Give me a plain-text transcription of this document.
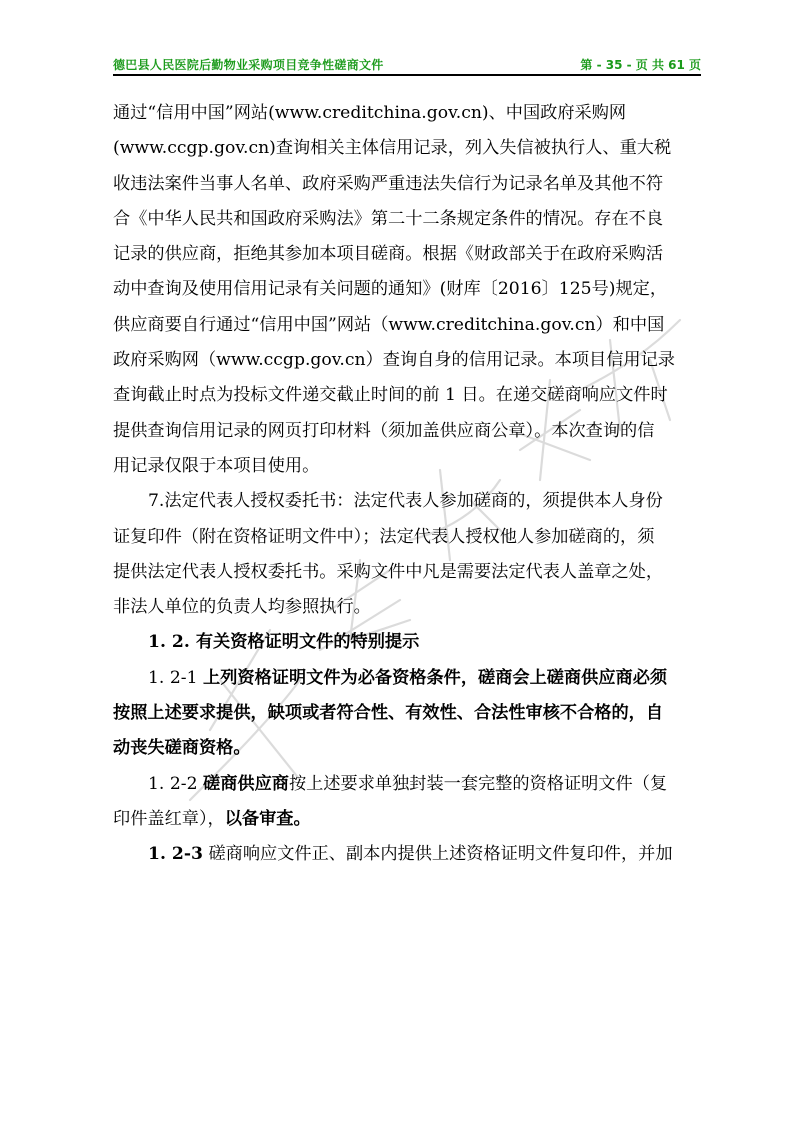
德巴县人民医院后勤物业采购项目竞争性磋商文件	第 - 35 - 页 共 61 页

通过“信用中国”网站(www.creditchina.gov.cn)、中国政府采购网

(www.ccgp.gov.cn)查询相关主体信用记录，列入失信被执行人、重大税

收违法案件当事人名单、政府采购严重违法失信行为记录名单及其他不符

合《中华人民共和国政府采购法》第二十二条规定条件的情况。存在不良

记录的供应商，拒绝其参加本项目磋商。根据《财政部关于在政府采购活

动中查询及使用信用记录有关问题的通知》(财库〔2016〕125号)规定，

供应商要自行通过“信用中国”网站（www.creditchina.gov.cn）和中国

政府采购网（www.ccgp.gov.cn）查询自身的信用记录。本项目信用记录

查询截止时点为投标文件递交截止时间的前 1 日。在递交磋商响应文件时

提供查询信用记录的网页打印材料（须加盖供应商公章）。本次查询的信

用记录仅限于本项目使用。

7.法定代表人授权委托书：法定代表人参加磋商的，须提供本人身份

证复印件（附在资格证明文件中）；法定代表人授权他人参加磋商的，须

提供法定代表人授权委托书。采购文件中凡是需要法定代表人盖章之处，

非法人单位的负责人均参照执行。

1. 2. 有关资格证明文件的特别提示

1. 2-1 上列资格证明文件为必备资格条件，磋商会上磋商供应商必须

按照上述要求提供，缺项或者符合性、有效性、合法性审核不合格的，自

动丧失磋商资格。

1. 2-2 磋商供应商按上述要求单独封装一套完整的资格证明文件（复

印件盖红章），以备审查。

1. 2-3 磋商响应文件正、副本内提供上述资格证明文件复印件，并加
